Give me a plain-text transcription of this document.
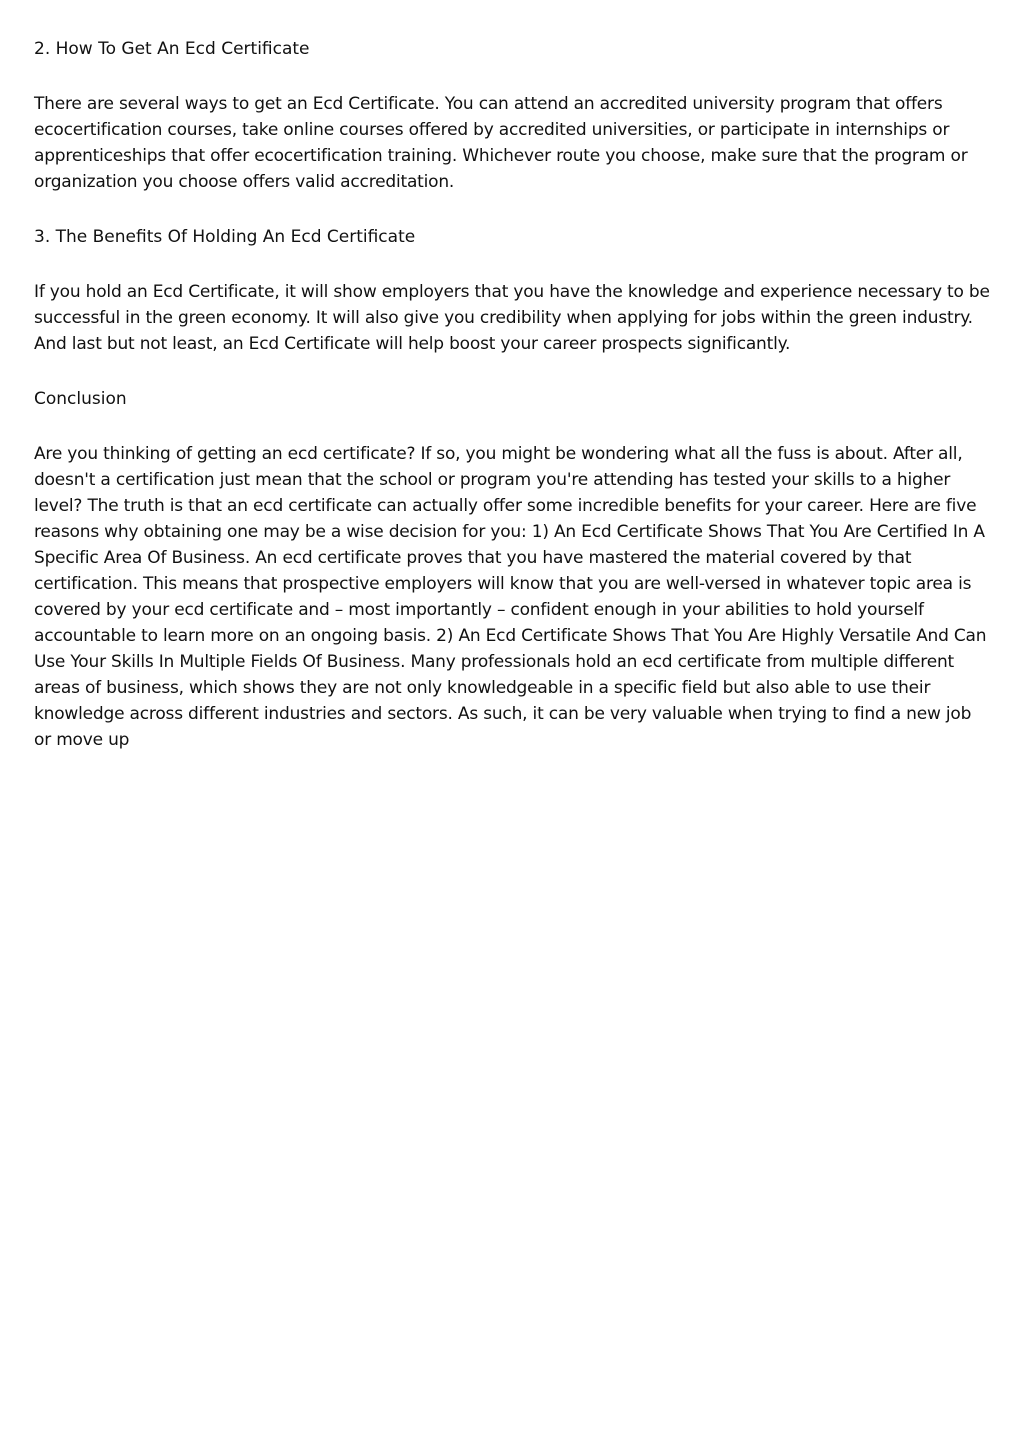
2. How To Get An Ecd Certificate

There are several ways to get an Ecd Certificate. You can attend an accredited university program that offers ecocertification courses, take online courses offered by accredited universities, or participate in internships or apprenticeships that offer ecocertification training. Whichever route you choose, make sure that the program or organization you choose offers valid accreditation.

3. The Benefits Of Holding An Ecd Certificate

If you hold an Ecd Certificate, it will show employers that you have the knowledge and experience necessary to be successful in the green economy. It will also give you credibility when applying for jobs within the green industry. And last but not least, an Ecd Certificate will help boost your career prospects significantly.

Conclusion

Are you thinking of getting an ecd certificate? If so, you might be wondering what all the fuss is about. After all, doesn't a certification just mean that the school or program you're attending has tested your skills to a higher level? The truth is that an ecd certificate can actually offer some incredible benefits for your career. Here are five reasons why obtaining one may be a wise decision for you: 1) An Ecd Certificate Shows That You Are Certified In A Specific Area Of Business. An ecd certificate proves that you have mastered the material covered by that certification. This means that prospective employers will know that you are well-versed in whatever topic area is covered by your ecd certificate and – most importantly – confident enough in your abilities to hold yourself accountable to learn more on an ongoing basis. 2) An Ecd Certificate Shows That You Are Highly Versatile And Can Use Your Skills In Multiple Fields Of Business. Many professionals hold an ecd certificate from multiple different areas of business, which shows they are not only knowledgeable in a specific field but also able to use their knowledge across different industries and sectors. As such, it can be very valuable when trying to find a new job or move up
